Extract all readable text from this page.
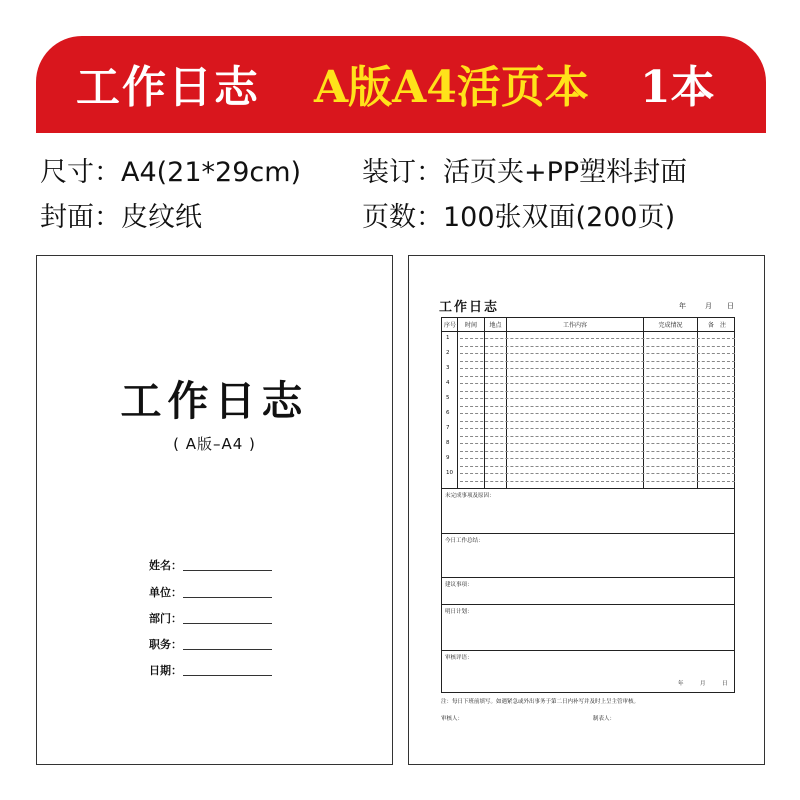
工作日志 A版A4活页本 1本
尺寸：A4(21*29cm) 装订：活页夹+PP塑料封面
封面：皮纹纸	页数：100张双面(200页)
工作日志
( A版–A4 )
姓名：
单位：
部门：
职务：
日期：
工作日志	年	月 日
序号	时间	地点	工作内容	完成情况	备　注
1
2
3
4
5
6
7
8
9
10
未完成事项及原因：
今日工作总结：
建议事项：
明日计划：
审核评语：
年	月	日
注：每日下班前填写。如遇紧急或外出事务于第二日内补写并及时上呈主管审核。
审核人：	制表人：
